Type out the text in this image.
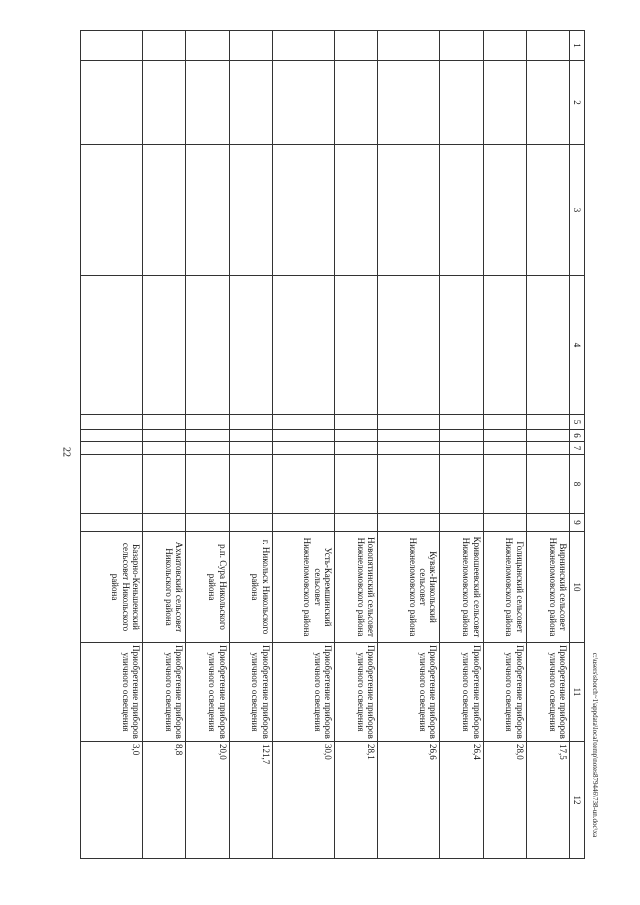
22
1	2	3	4	5	6	7	8	9	10	11	12
									Вирнинский сельсовет Нижнеломовского района	Приобретение приборов уличного освещения	17,5
									Голицынский сельсовет Нижнеломовского района	Приобретение приборов уличного освещения	28,0
									Кривошеевский сельсовет Нижнеломовского района	Приобретение приборов уличного освещения	26,4
									Кувак-Никольский сельсовет Нижнеломовского района	Приобретение приборов уличного освещения	26,6
									Новопятинский сельсовет Нижнеломовского района	Приобретение приборов уличного освещения	28,1
									Усть-Каремшинский сельсовет Нижнеломовского района	Приобретение приборов уличного освещения	30,0
									г. Никольск Никольского района	Приобретение приборов уличного освещения	121,7
									р.п. Сура Никольского района	Приобретение приборов уличного освещения	20,0
									Ахматовский сельсовет Никольского района	Приобретение приборов уличного освещения	8,8
									Базарно-Кеньшенский сельсовет Никольского района	Приобретение приборов уличного освещения	3,0	c:\users\sborch~1\appdata\local\temp\notes879446\738-un.doc\xa
